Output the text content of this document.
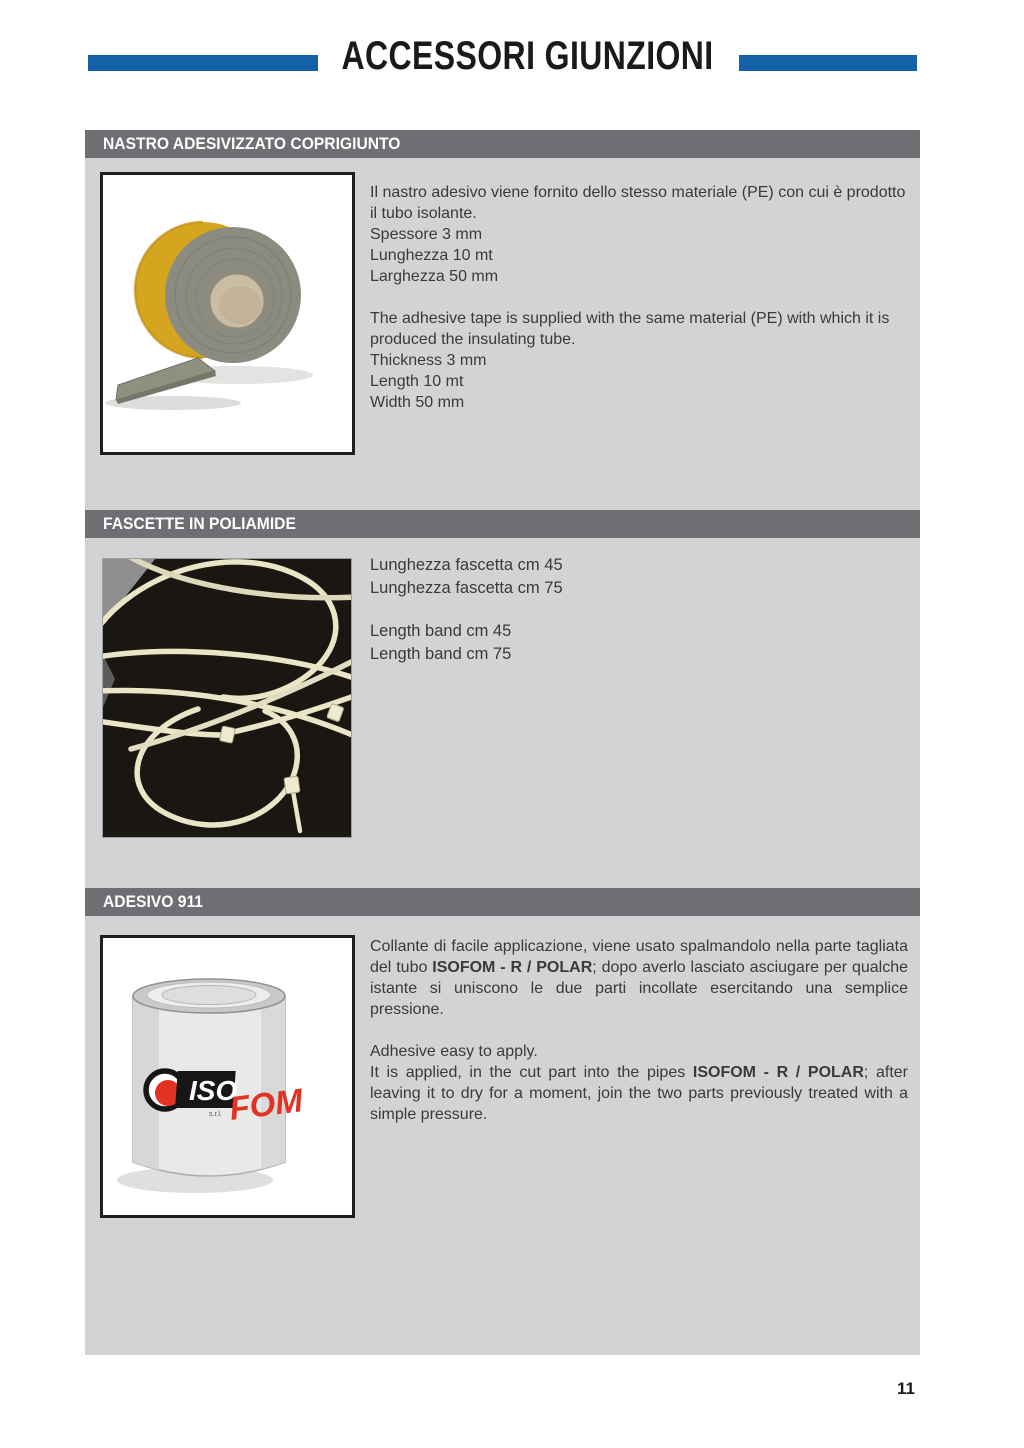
ACCESSORI GIUNZIONI
NASTRO ADESIVIZZATO COPRIGIUNTO
Il nastro adesivo viene fornito dello stesso materiale (PE) con cui è prodotto il tubo isolante.
Spessore 3 mm
Lunghezza 10 mt
Larghezza 50 mm
The adhesive tape is supplied with the same material (PE) with which it is produced the insulating tube.
Thickness 3 mm
Length 10 mt
Width 50 mm
FASCETTE IN POLIAMIDE
Lunghezza fascetta cm 45
Lunghezza fascetta cm 75
Length band cm 45
Length band cm 75
ADESIVO 911
ISO
s.r.l. FOM
Collante di facile applicazione, viene usato spalmandolo nella parte tagliata del tubo ISOFOM - R / POLAR; dopo averlo lasciato asciugare per qualche istante si uniscono le due parti incollate esercitando una semplice pressione.
Adhesive easy to apply.
It is applied, in the cut part into the pipes ISOFOM - R / POLAR; after leaving it to dry for a moment, join the two parts previously treated with a simple pressure.
11
